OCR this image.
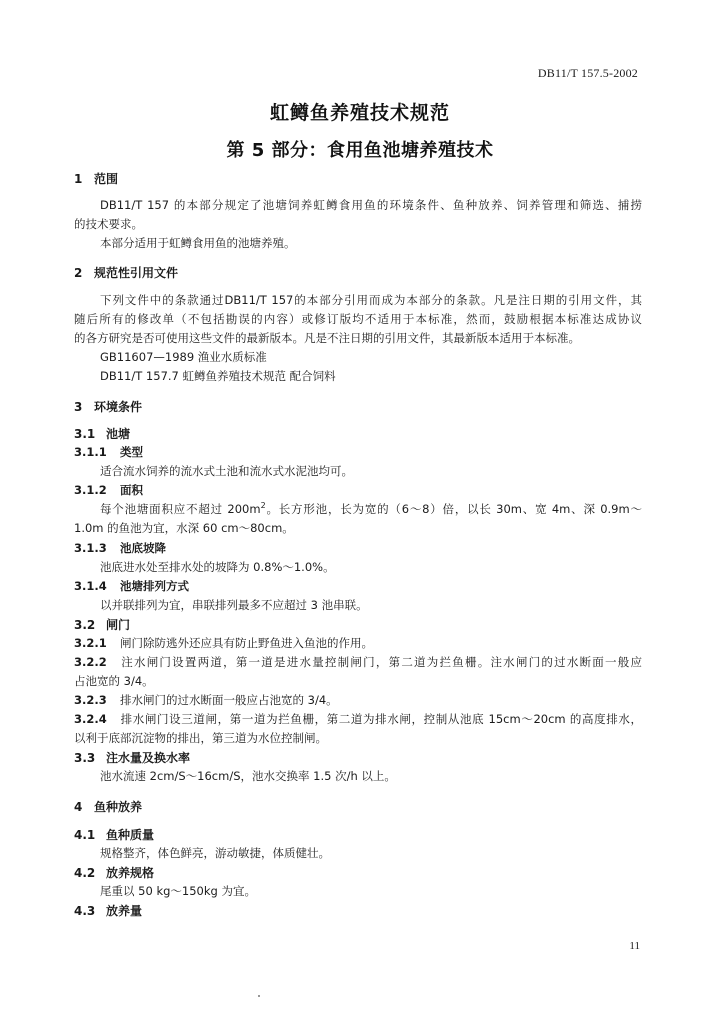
DB11/T 157.5-2002
虹鳟鱼养殖技术规范
第 5 部分：食用鱼池塘养殖技术
1 范围
DB11/T 157 的本部分规定了池塘饲养虹鳟食用鱼的环境条件、鱼种放养、饲养管理和筛选、捕捞
的技术要求。
本部分适用于虹鳟食用鱼的池塘养殖。
2 规范性引用文件
下列文件中的条款通过DB11/T 157的本部分引用而成为本部分的条款。凡是注日期的引用文件，其
随后所有的修改单（不包括勘误的内容）或修订版均不适用于本标准，然而，鼓励根据本标准达成协议
的各方研究是否可使用这些文件的最新版本。凡是不注日期的引用文件，其最新版本适用于本标准。
GB11607—1989 渔业水质标准
DB11/T 157.7 虹鳟鱼养殖技术规范 配合饲料
3 环境条件
3.1 池塘
3.1.1 类型
适合流水饲养的流水式土池和流水式水泥池均可。
3.1.2 面积
每个池塘面积应不超过 $200m^2$。长方形池，长为宽的（6～8）倍，以长 30m、宽 4m、深 0.9m～
1.0m 的鱼池为宜，水深 60 cm～80cm。
3.1.3 池底坡降
池底进水处至排水处的坡降为 0.8%～1.0%。
3.1.4 池塘排列方式
以并联排列为宜，串联排列最多不应超过 3 池串联。
3.2 闸门
3.2.1 闸门除防逃外还应具有防止野鱼进入鱼池的作用。
3.2.2 注水闸门设置两道，第一道是进水量控制闸门，第二道为拦鱼栅。注水闸门的过水断面一般应
占池宽的 3/4。
3.2.3 排水闸门的过水断面一般应占池宽的 3/4。
3.2.4 排水闸门设三道闸，第一道为拦鱼栅，第二道为排水闸，控制从池底 15cm～20cm 的高度排水，
以利于底部沉淀物的排出，第三道为水位控制闸。
3.3 注水量及换水率
池水流速 2cm/S～16cm/S，池水交换率 1.5 次/h 以上。
4 鱼种放养
4.1 鱼种质量
规格整齐，体色鲜亮，游动敏捷，体质健壮。
4.2 放养规格
尾重以 50 kg～150kg 为宜。
4.3 放养量
11
